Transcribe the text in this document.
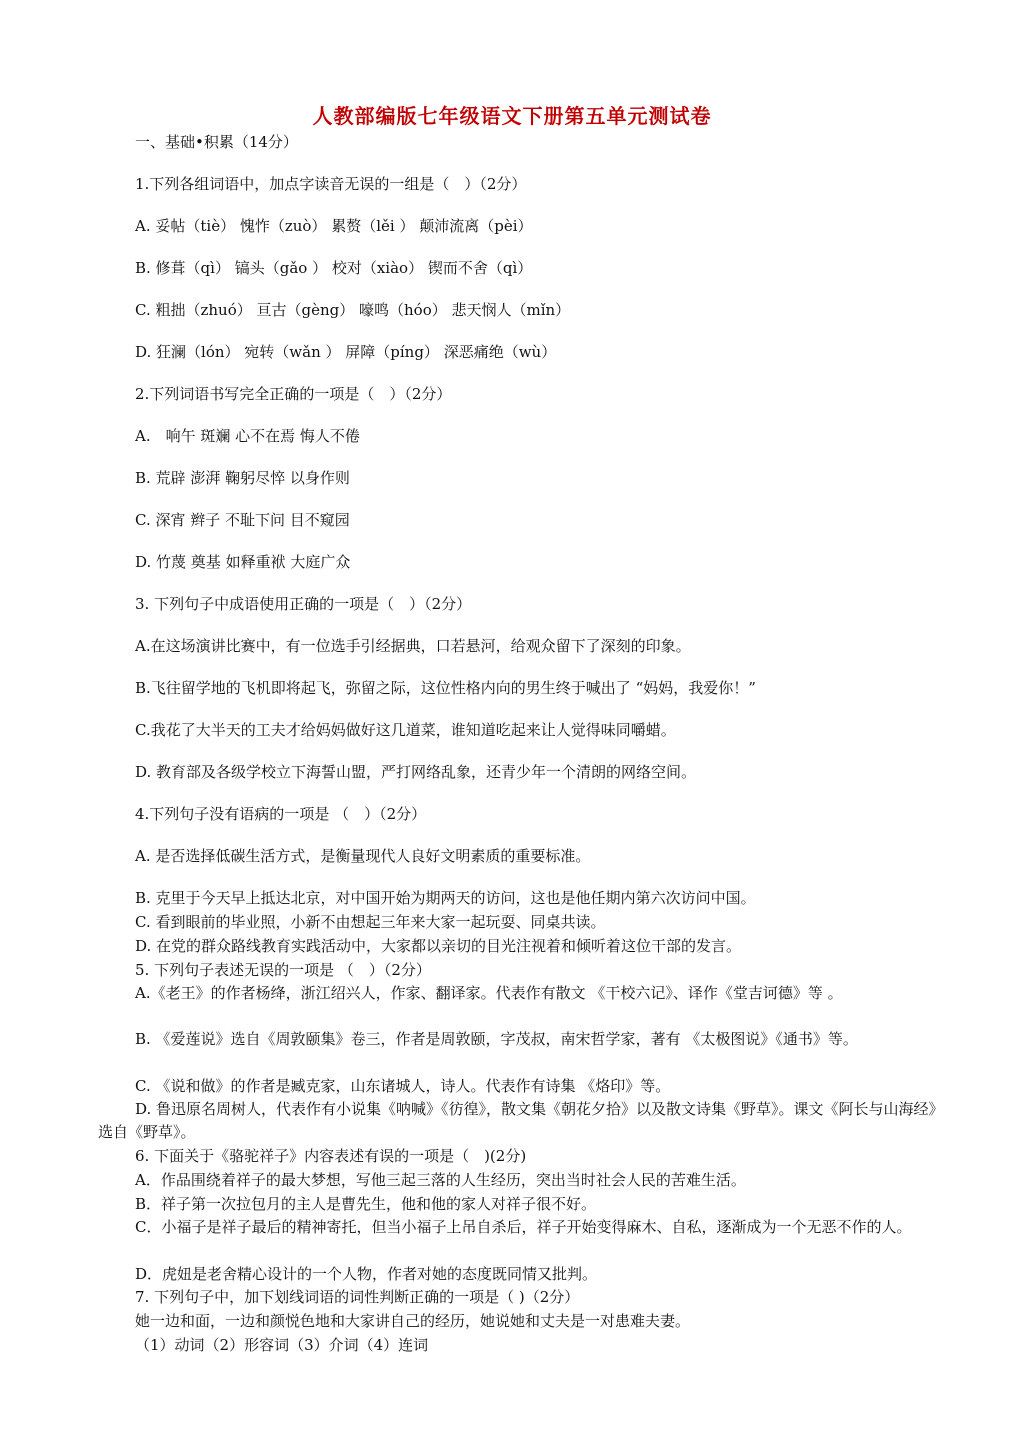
人教部编版七年级语文下册第五单元测试卷
一、基础•积累（14分）
1.下列各组词语中，加点字读音无误的一组是（　）（2分）
A. 妥帖（tiè） 愧怍（zuò） 累赘（lěi ） 颠沛流离（pèi）
B. 修葺（qì） 镐头（gǎo ） 校对（xiào） 锲而不舍（qì）
C. 粗拙（zhuó） 亘古（gèng） 嚎鸣（hóo） 悲天悯人（mǐn）
D. 狂澜（lón） 宛转（wǎn ） 屏障（píng） 深恶痛绝（wù）
2.下列词语书写完全正确的一项是（　）（2分）
A.　响午 斑斓 心不在焉 悔人不倦
B. 荒辟 澎湃 鞠躬尽悴 以身作则
C. 深宵 辫子 不耻下问 目不窥园
D. 竹蔑 奠基 如释重袱 大庭广众
3. 下列句子中成语使用正确的一项是（　）（2分）
A.在这场演讲比赛中，有一位选手引经据典，口若悬河，给观众留下了深刻的印象。
B.飞往留学地的飞机即将起飞，弥留之际，这位性格内向的男生终于喊出了 “妈妈，我爱你！”
C.我花了大半天的工夫才给妈妈做好这几道菜，谁知道吃起来让人觉得味同嚼蜡。
D. 教育部及各级学校立下海誓山盟，严打网络乱象，还青少年一个清朗的网络空间。
4.下列句子没有语病的一项是 （　）（2分）
A. 是否选择低碳生活方式，是衡量现代人良好文明素质的重要标准。
B. 克里于今天早上抵达北京，对中国开始为期两天的访问，这也是他任期内第六次访问中国。
C. 看到眼前的毕业照，小新不由想起三年来大家一起玩耍、同桌共读。
D. 在党的群众路线教育实践活动中，大家都以亲切的目光注视着和倾听着这位干部的发言。
5. 下列句子表述无误的一项是 （　）（2分）
A.《老王》的作者杨绛，浙江绍兴人，作家、翻译家。代表作有散文 《干校六记》、译作《堂吉诃德》等 。
B. 《爱莲说》选自《周敦颐集》卷三，作者是周敦颐，字茂叔，南宋哲学家，著有 《太极图说》《通书》等。
C. 《说和做》的作者是臧克家，山东诸城人，诗人。代表作有诗集 《烙印》等。
D. 鲁迅原名周树人，代表作有小说集《呐喊》《彷徨》，散文集《朝花夕拾》以及散文诗集《野草》。课文《阿长与山海经》选自《野草》。
6. 下面关于《骆驼祥子》内容表述有误的一项是（　)(2分)
A．作品围绕着祥子的最大梦想，写他三起三落的人生经历，突出当时社会人民的苦难生活。
B．祥子第一次拉包月的主人是曹先生，他和他的家人对祥子很不好。
C．小福子是祥子最后的精神寄托，但当小福子上吊自杀后，祥子开始变得麻木、自私，逐渐成为一个无恶不作的人。
D．虎妞是老舍精心设计的一个人物，作者对她的态度既同情又批判。
7. 下列句子中，加下划线词语的词性判断正确的一项是（ )（2分）
她一边和面，一边和颜悦色地和大家讲自己的经历，她说她和丈夫是一对患难夫妻。
（1）动词（2）形容词（3）介词（4）连词
